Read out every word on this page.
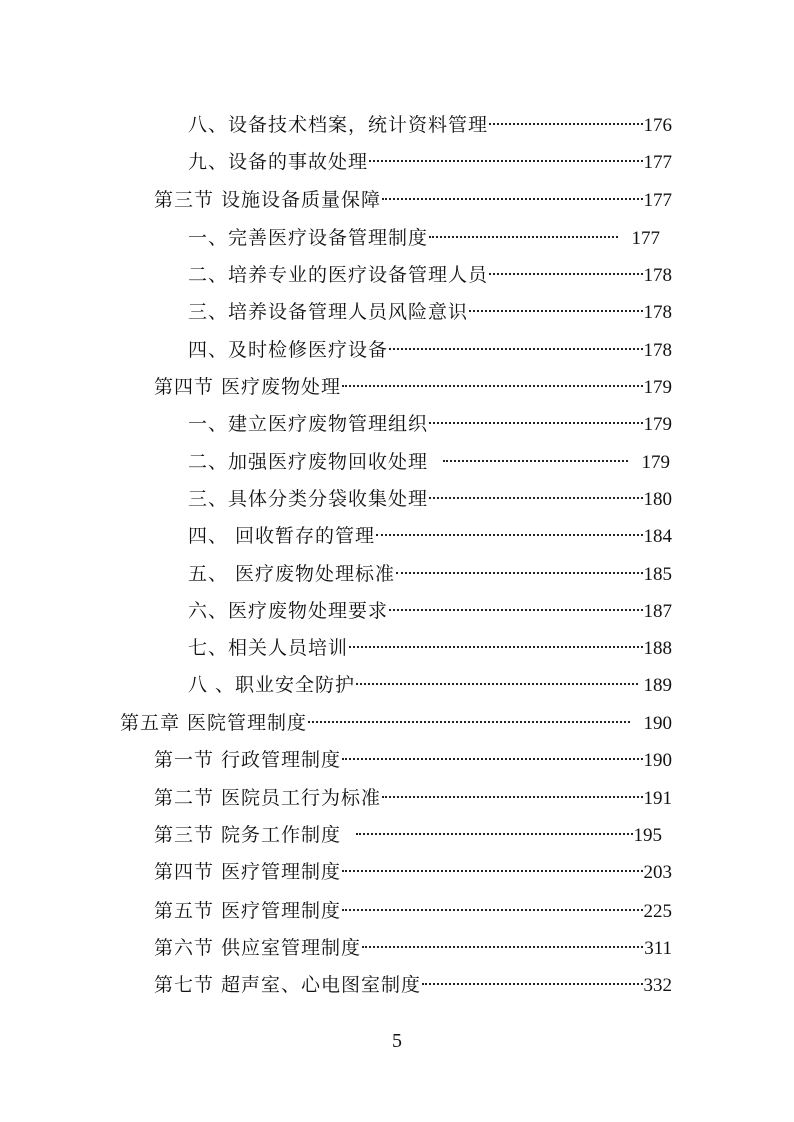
八、设备技术档案，统计资料管理	176
九、设备的事故处理	177
第三节 设施设备质量保障	177
一、完善医疗设备管理制度	177
二、培养专业的医疗设备管理人员	178
三、培养设备管理人员风险意识	178
四、及时检修医疗设备	178
第四节 医疗废物处理	179
一、建立医疗废物管理组织	179
二、加强医疗废物回收处理	179
三、具体分类分袋收集处理	180
四、 回收暂存的管理	184
五、 医疗废物处理标准	185
六、医疗废物处理要求	187
七、相关人员培训	188
八 、职业安全防护	189
第五章 医院管理制度	190
第一节 行政管理制度	190
第二节 医院员工行为标准	191
第三节 院务工作制度	195
第四节 医疗管理制度	203
第五节 医疗管理制度	225
第六节 供应室管理制度	311
第七节 超声室、心电图室制度	332
5
